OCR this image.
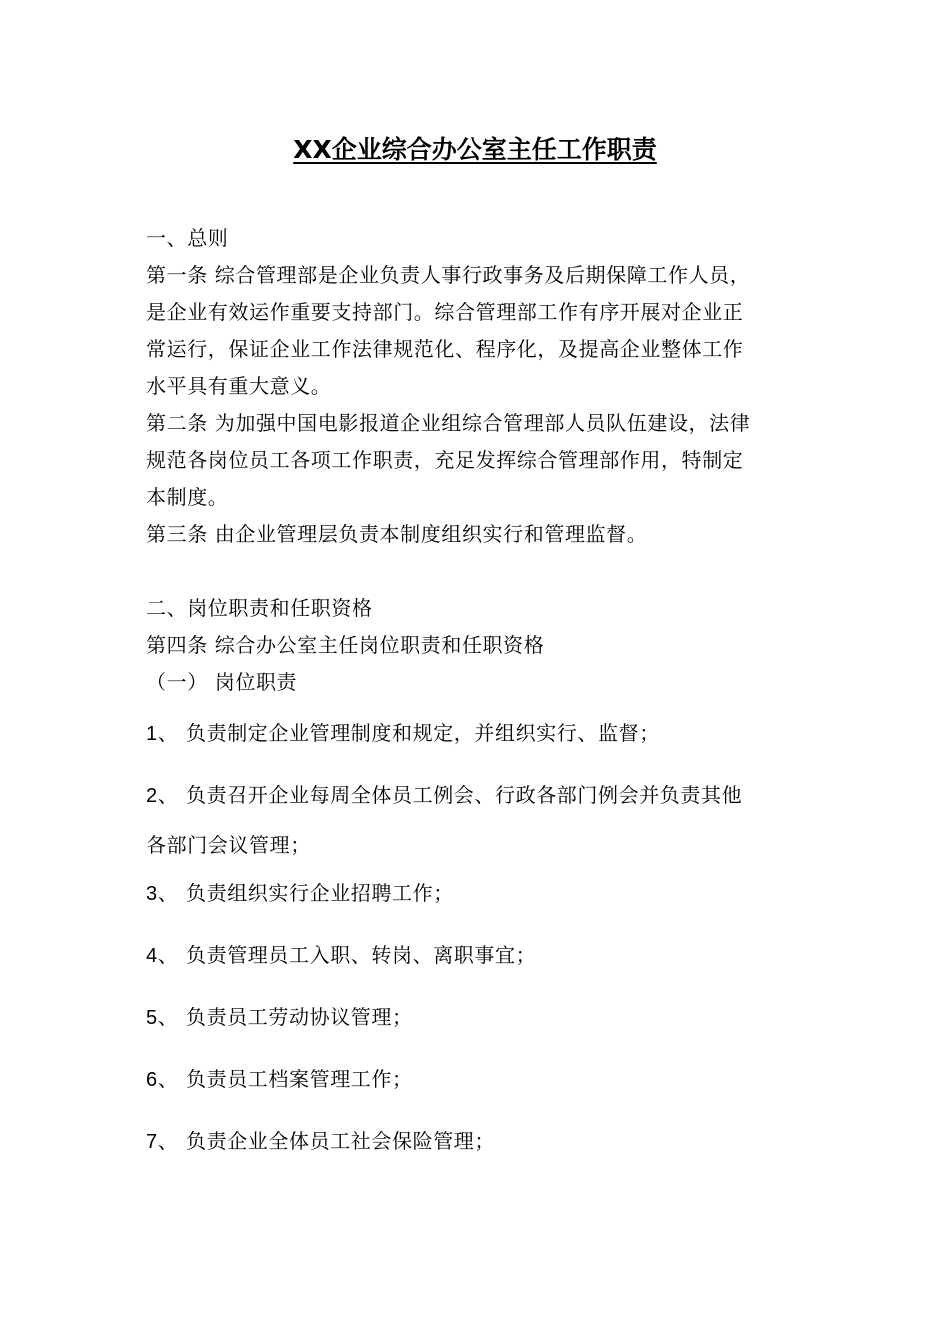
XX企业综合办公室主任工作职责
一、总则
第一条 综合管理部是企业负责人事行政事务及后期保障工作人员，
是企业有效运作重要支持部门。综合管理部工作有序开展对企业正
常运行，保证企业工作法律规范化、程序化，及提高企业整体工作
水平具有重大意义。
第二条 为加强中国电影报道企业组综合管理部人员队伍建设，法律
规范各岗位员工各项工作职责，充足发挥综合管理部作用，特制定
本制度。
第三条 由企业管理层负责本制度组织实行和管理监督。
二、岗位职责和任职资格
第四条 综合办公室主任岗位职责和任职资格
（一） 岗位职责
1、 负责制定企业管理制度和规定，并组织实行、监督；
2、 负责召开企业每周全体员工例会、行政各部门例会并负责其他
各部门会议管理；
3、 负责组织实行企业招聘工作；
4、 负责管理员工入职、转岗、离职事宜；
5、 负责员工劳动协议管理；
6、 负责员工档案管理工作；
7、 负责企业全体员工社会保险管理；
